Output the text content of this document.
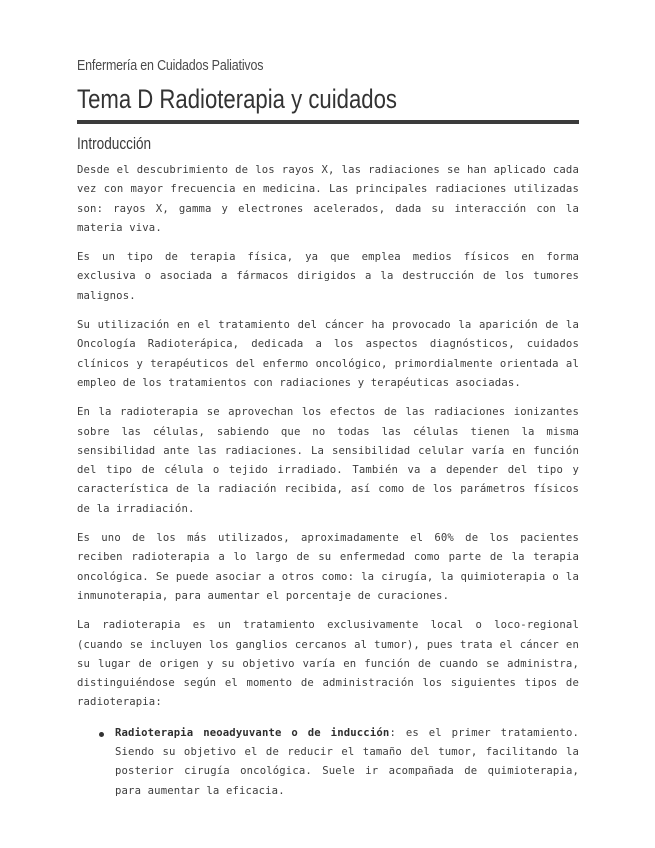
Enfermería en Cuidados Paliativos
Tema D Radioterapia y cuidados
Introducción

Desde el descubrimiento de los rayos X, las radiaciones se han aplicado cada vez con mayor frecuencia en medicina. Las principales radiaciones utilizadas son: rayos X, gamma y electrones acelerados, dada su interacción con la materia viva.

Es un tipo de terapia física, ya que emplea medios físicos en forma exclusiva o asociada a fármacos dirigidos a la destrucción de los tumores malignos.

Su utilización en el tratamiento del cáncer ha provocado la aparición de la Oncología Radioterápica, dedicada a los aspectos diagnósticos, cuidados clínicos y terapéuticos del enfermo oncológico, primordialmente orientada al empleo de los tratamientos con radiaciones y terapéuticas asociadas.

En la radioterapia se aprovechan los efectos de las radiaciones ionizantes sobre las células, sabiendo que no todas las células tienen la misma sensibilidad ante las radiaciones. La sensibilidad celular varía en función del tipo de célula o tejido irradiado. También va a depender del tipo y característica de la radiación recibida, así como de los parámetros físicos de la irradiación.

Es uno de los más utilizados, aproximadamente el 60% de los pacientes reciben radioterapia a lo largo de su enfermedad como parte de la terapia oncológica. Se puede asociar a otros como: la cirugía, la quimioterapia o la inmunoterapia, para aumentar el porcentaje de curaciones.

La radioterapia es un tratamiento exclusivamente local o loco-regional (cuando se incluyen los ganglios cercanos al tumor), pues trata el cáncer en su lugar de origen y su objetivo varía en función de cuando se administra, distinguiéndose según el momento de administración los siguientes tipos de radioterapia:

Radioterapia neoadyuvante o de inducción: es el primer tratamiento. Siendo su objetivo el de reducir el tamaño del tumor, facilitando la posterior cirugía oncológica. Suele ir acompañada de quimioterapia, para aumentar la eficacia.
